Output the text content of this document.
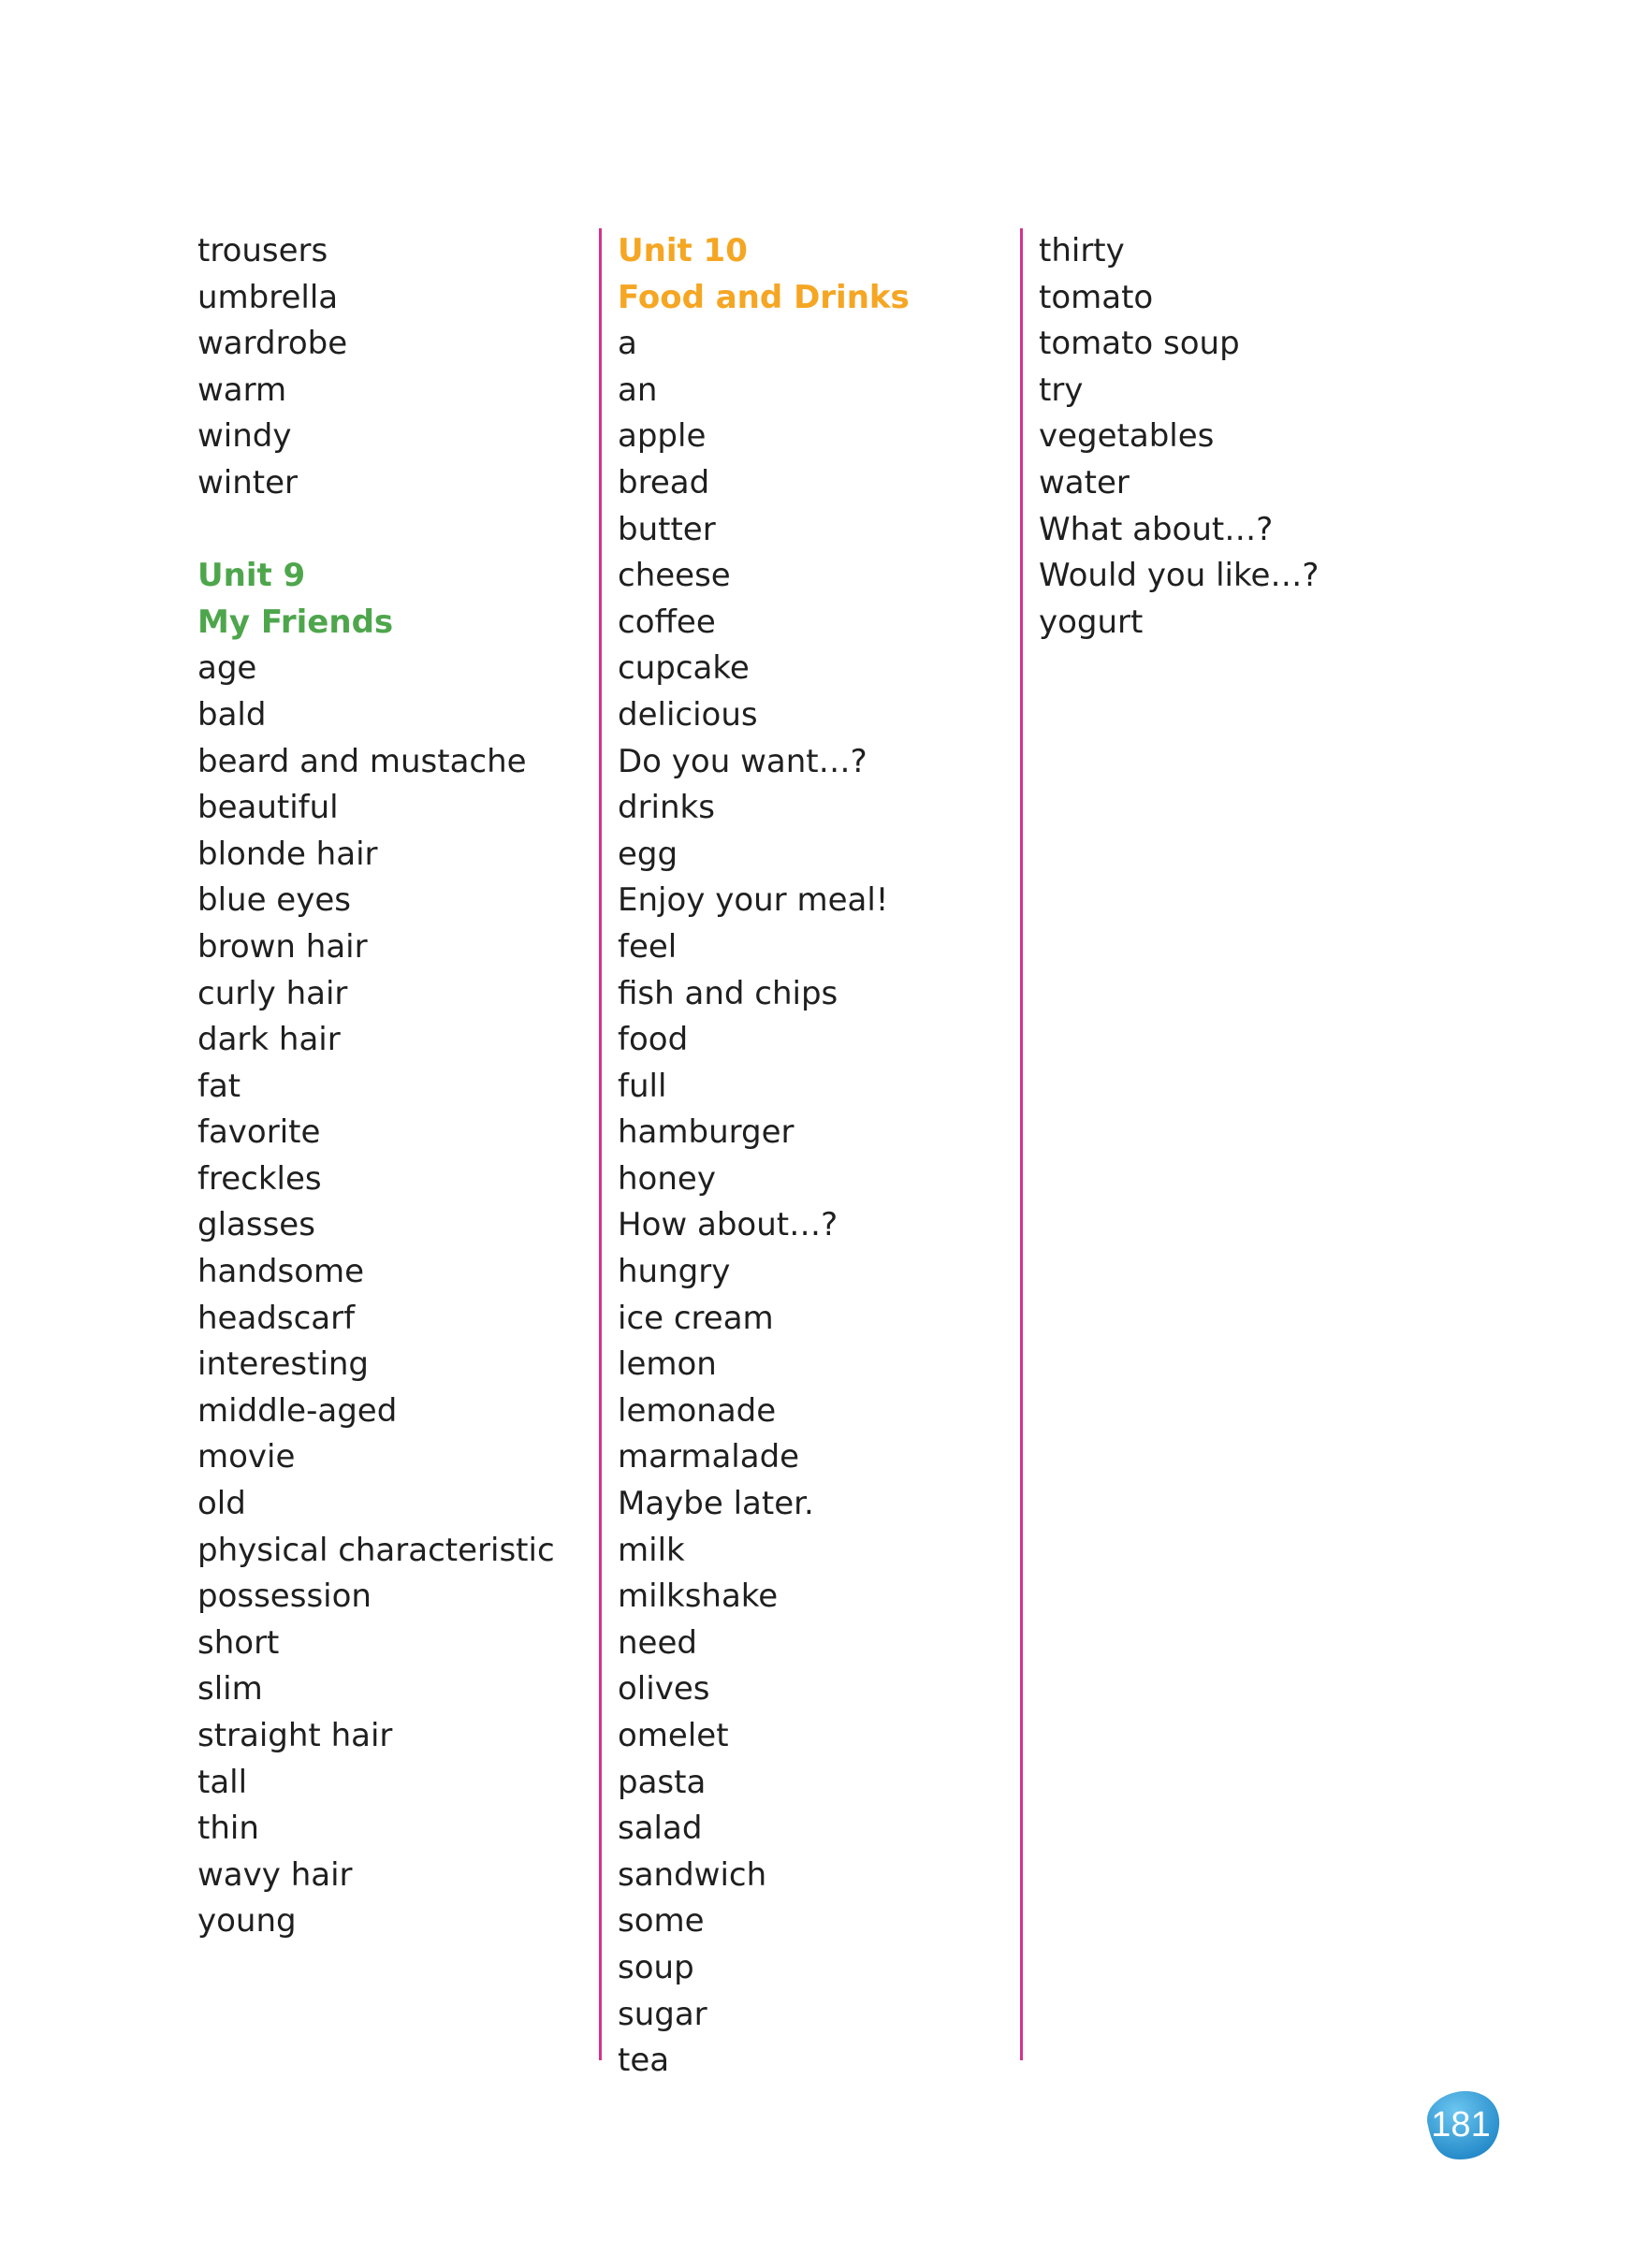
trousers
umbrella
wardrobe
warm
windy
winter
Unit 9
My Friends
age
bald
beard and mustache
beautiful
blonde hair
blue eyes
brown hair
curly hair
dark hair
fat
favorite
freckles
glasses
handsome
headscarf
interesting
middle-aged
movie
old
physical characteristic
possession
short
slim
straight hair
tall
thin
wavy hair
young
Unit 10
Food and Drinks
a
an
apple
bread
butter
cheese
coffee
cupcake
delicious
Do you want…?
drinks
egg
Enjoy your meal!
feel
fish and chips
food
full
hamburger
honey
How about…?
hungry
ice cream
lemon
lemonade
marmalade
Maybe later.
milk
milkshake
need
olives
omelet
pasta
salad
sandwich
some
soup
sugar
tea
thirty
tomato
tomato soup
try
vegetables
water
What about…?
Would you like…?
yogurt
181
